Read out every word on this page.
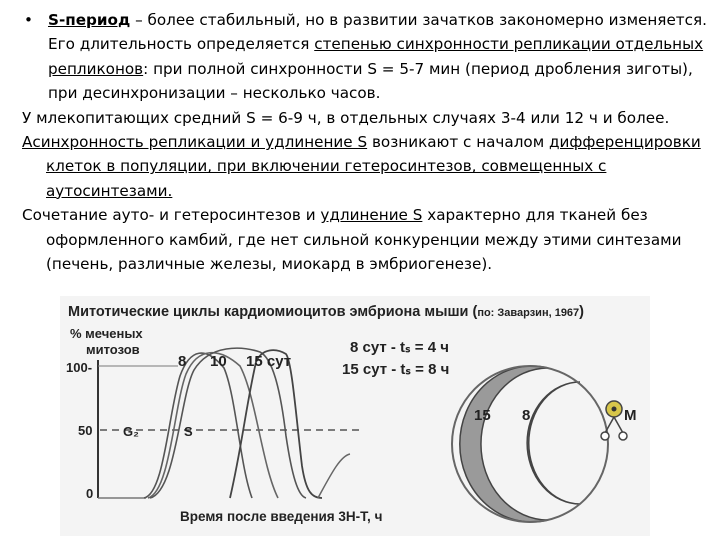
• S-период – более стабильный, но в развитии зачатков закономерно изменяется. Его длительность определяется степенью синхронности репликации отдельных репликонов: при полной синхронности S = 5-7 мин (период дробления зиготы), при десинхронизации – несколько часов.

У млекопитающих средний S = 6-9 ч, в отдельных случаях 3-4 или 12 ч и более.

Асинхронность репликации и удлинение S возникают с началом дифференцировки клеток в популяции, при включении гетеросинтезов, совмещенных с аутосинтезами.

Сочетание ауто- и гетеросинтезов и удлинение S характерно для тканей без оформленного камбий, где нет сильной конкуренции между этими синтезами (печень, различные железы, миокард в эмбриогенезе).

Митотические циклы кардиомиоцитов эмбриона мыши (по: Заварзин, 1967)
% меченых
митозов
100-
50
0
G₂	S
8 10 15 сут
8 сут - tₛ = 4 ч
15 сут - tₛ = 8 ч
15 8	M
Время после введения 3Н-Т, ч
